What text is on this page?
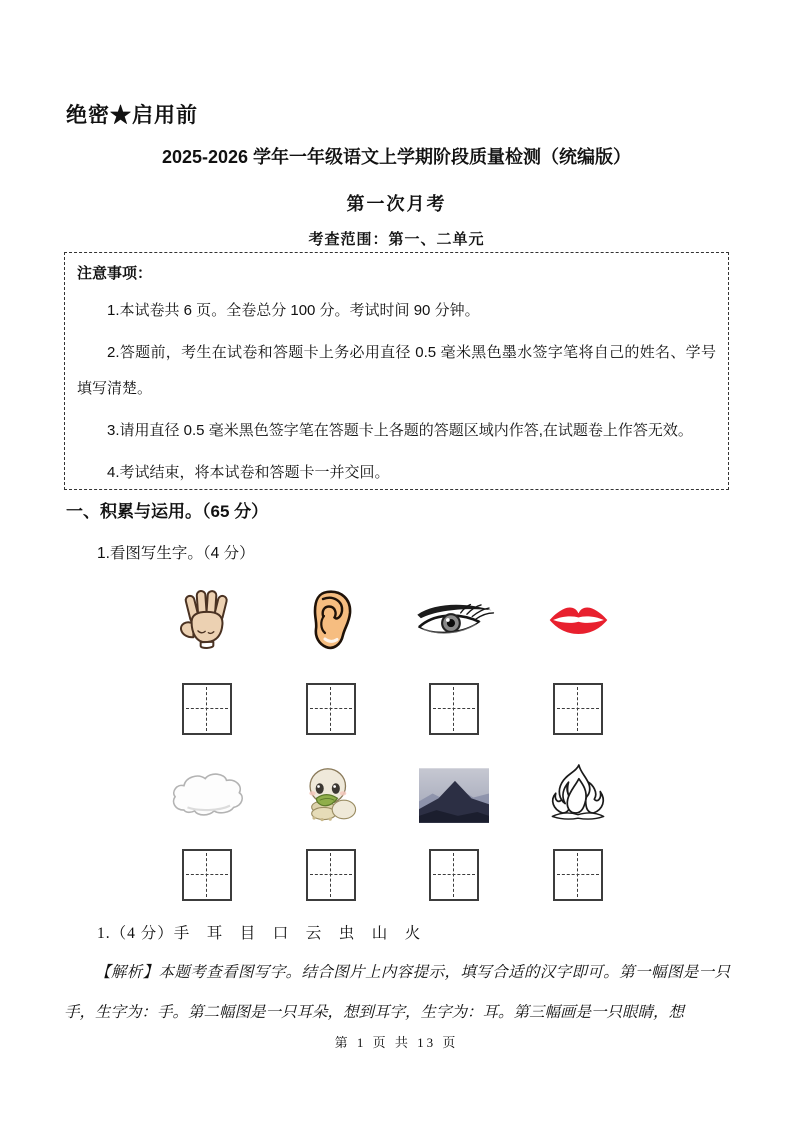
绝密★启用前
2025-2026 学年一年级语文上学期阶段质量检测（统编版）
第一次月考
考查范围：第一、二单元
注意事项：

1.本试卷共 6 页。全卷总分 100 分。考试时间 90 分钟。

2.答题前，考生在试卷和答题卡上务必用直径 0.5 毫米黑色墨水签字笔将自己的姓名、学号填写清楚。

3.请用直径 0.5 毫米黑色签字笔在答题卡上各题的答题区域内作答,在试题卷上作答无效。

4.考试结束，将本试卷和答题卡一并交回。

一、积累与运用。（65 分）
1.看图写生字。（4 分）
1.（4 分）手　耳　目　口　云　虫　山　火

【解析】本题考查看图写字。结合图片上内容提示，填写合适的汉字即可。第一幅图是一只手，生字为：手。第二幅图是一只耳朵，想到耳字，生字为：耳。第三幅画是一只眼睛，想

第 1 页 共 13 页
